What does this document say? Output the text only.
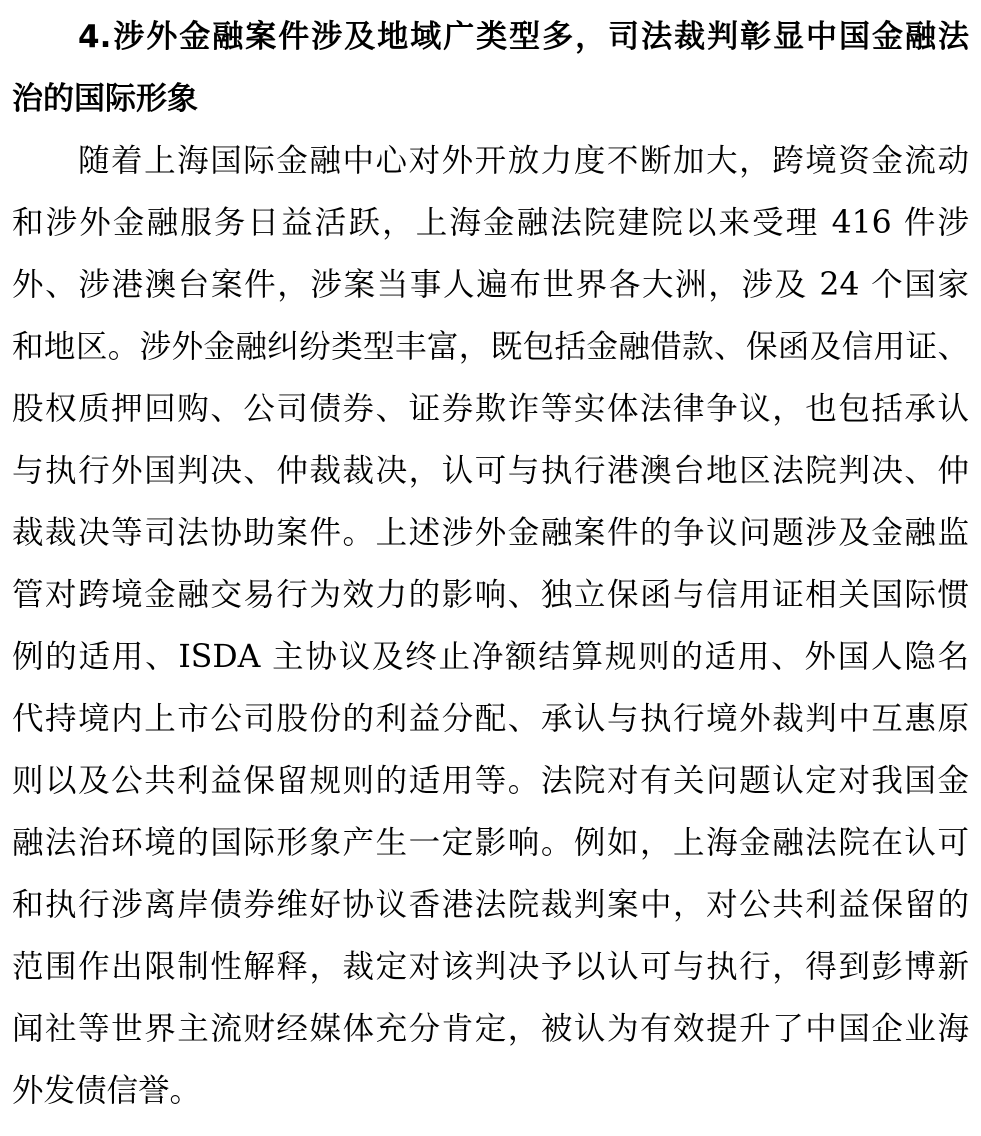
4.涉外金融案件涉及地域广类型多，司法裁判彰显中国金融法
治的国际形象
随着上海国际金融中心对外开放力度不断加大，跨境资金流动
和涉外金融服务日益活跃，上海金融法院建院以来受理 416 件涉
外、涉港澳台案件，涉案当事人遍布世界各大洲，涉及 24 个国家
和地区。涉外金融纠纷类型丰富，既包括金融借款、保函及信用证、
股权质押回购、公司债券、证券欺诈等实体法律争议，也包括承认
与执行外国判决、仲裁裁决，认可与执行港澳台地区法院判决、仲
裁裁决等司法协助案件。上述涉外金融案件的争议问题涉及金融监
管对跨境金融交易行为效力的影响、独立保函与信用证相关国际惯
例的适用、ISDA 主协议及终止净额结算规则的适用、外国人隐名
代持境内上市公司股份的利益分配、承认与执行境外裁判中互惠原
则以及公共利益保留规则的适用等。法院对有关问题认定对我国金
融法治环境的国际形象产生一定影响。例如，上海金融法院在认可
和执行涉离岸债券维好协议香港法院裁判案中，对公共利益保留的
范围作出限制性解释，裁定对该判决予以认可与执行，得到彭博新
闻社等世界主流财经媒体充分肯定，被认为有效提升了中国企业海
外发债信誉。
